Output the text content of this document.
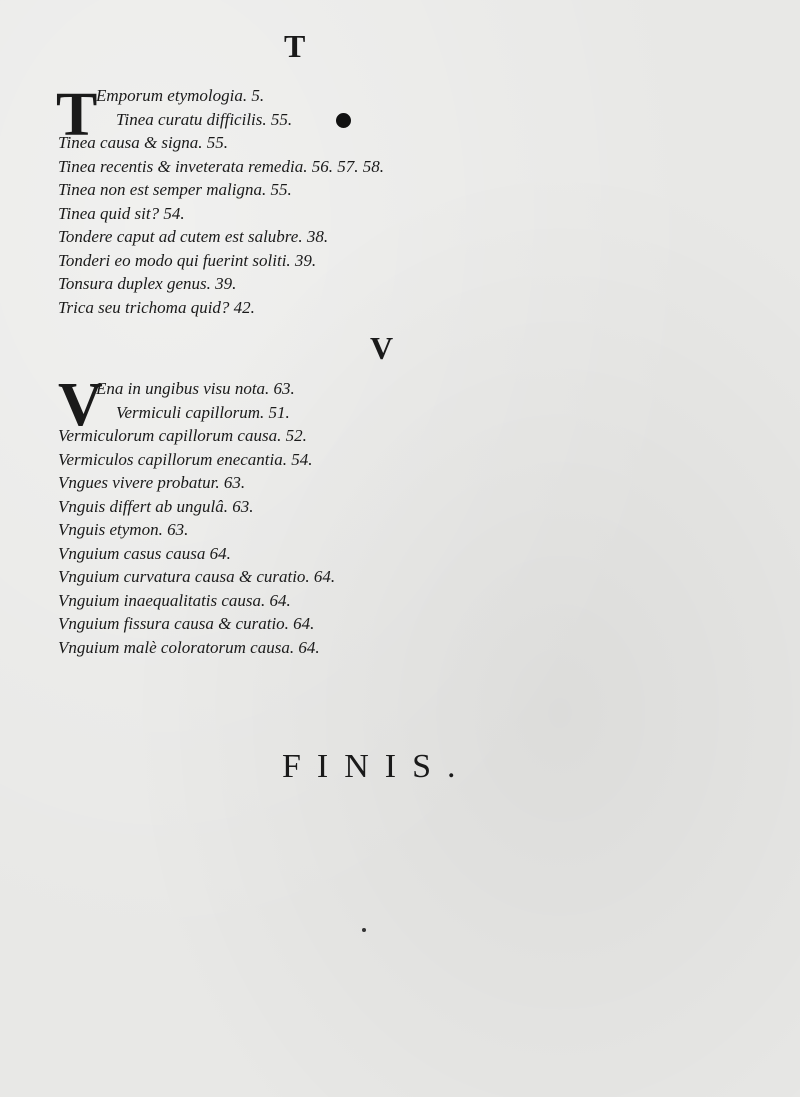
T
T
Emporum etymologia. 5.
Tinea curatu difficilis. 55.
Tinea causa & signa. 55.
Tinea recentis & inveterata remedia. 56. 57. 58.
Tinea non est semper maligna. 55.
Tinea quid sit? 54.
Tondere caput ad cutem est salubre. 38.
Tonderi eo modo qui fuerint soliti. 39.
Tonsura duplex genus. 39.
Trica seu trichoma quid? 42.
V
V
Ena in ungibus visu nota. 63.
Vermiculi capillorum. 51.
Vermiculorum capillorum causa. 52.
Vermiculos capillorum enecantia. 54.
Vngues vivere probatur. 63.
Vnguis differt ab ungulâ. 63.
Vnguis etymon. 63.
Vnguium casus causa 64.
Vnguium curvatura causa & curatio. 64.
Vnguium inaequalitatis causa. 64.
Vnguium fissura causa & curatio. 64.
Vnguium malè coloratorum causa. 64.
FINIS.
